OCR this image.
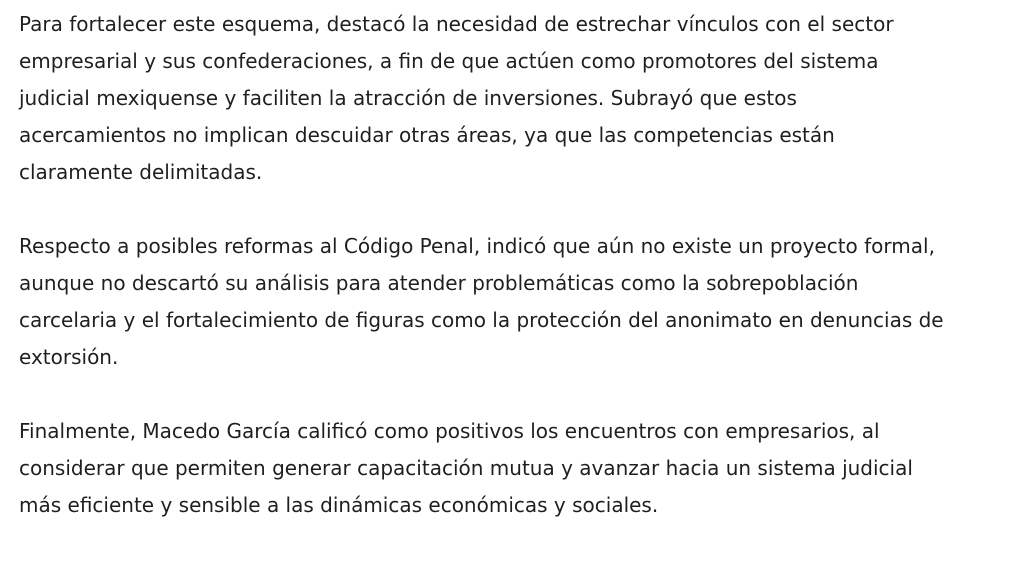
Para fortalecer este esquema, destacó la necesidad de estrechar vínculos con el sector
empresarial y sus confederaciones, a fin de que actúen como promotores del sistema
judicial mexiquense y faciliten la atracción de inversiones. Subrayó que estos
acercamientos no implican descuidar otras áreas, ya que las competencias están
claramente delimitadas.
Respecto a posibles reformas al Código Penal, indicó que aún no existe un proyecto formal,
aunque no descartó su análisis para atender problemáticas como la sobrepoblación
carcelaria y el fortalecimiento de figuras como la protección del anonimato en denuncias de
extorsión.
Finalmente, Macedo García calificó como positivos los encuentros con empresarios, al
considerar que permiten generar capacitación mutua y avanzar hacia un sistema judicial
más eficiente y sensible a las dinámicas económicas y sociales.
